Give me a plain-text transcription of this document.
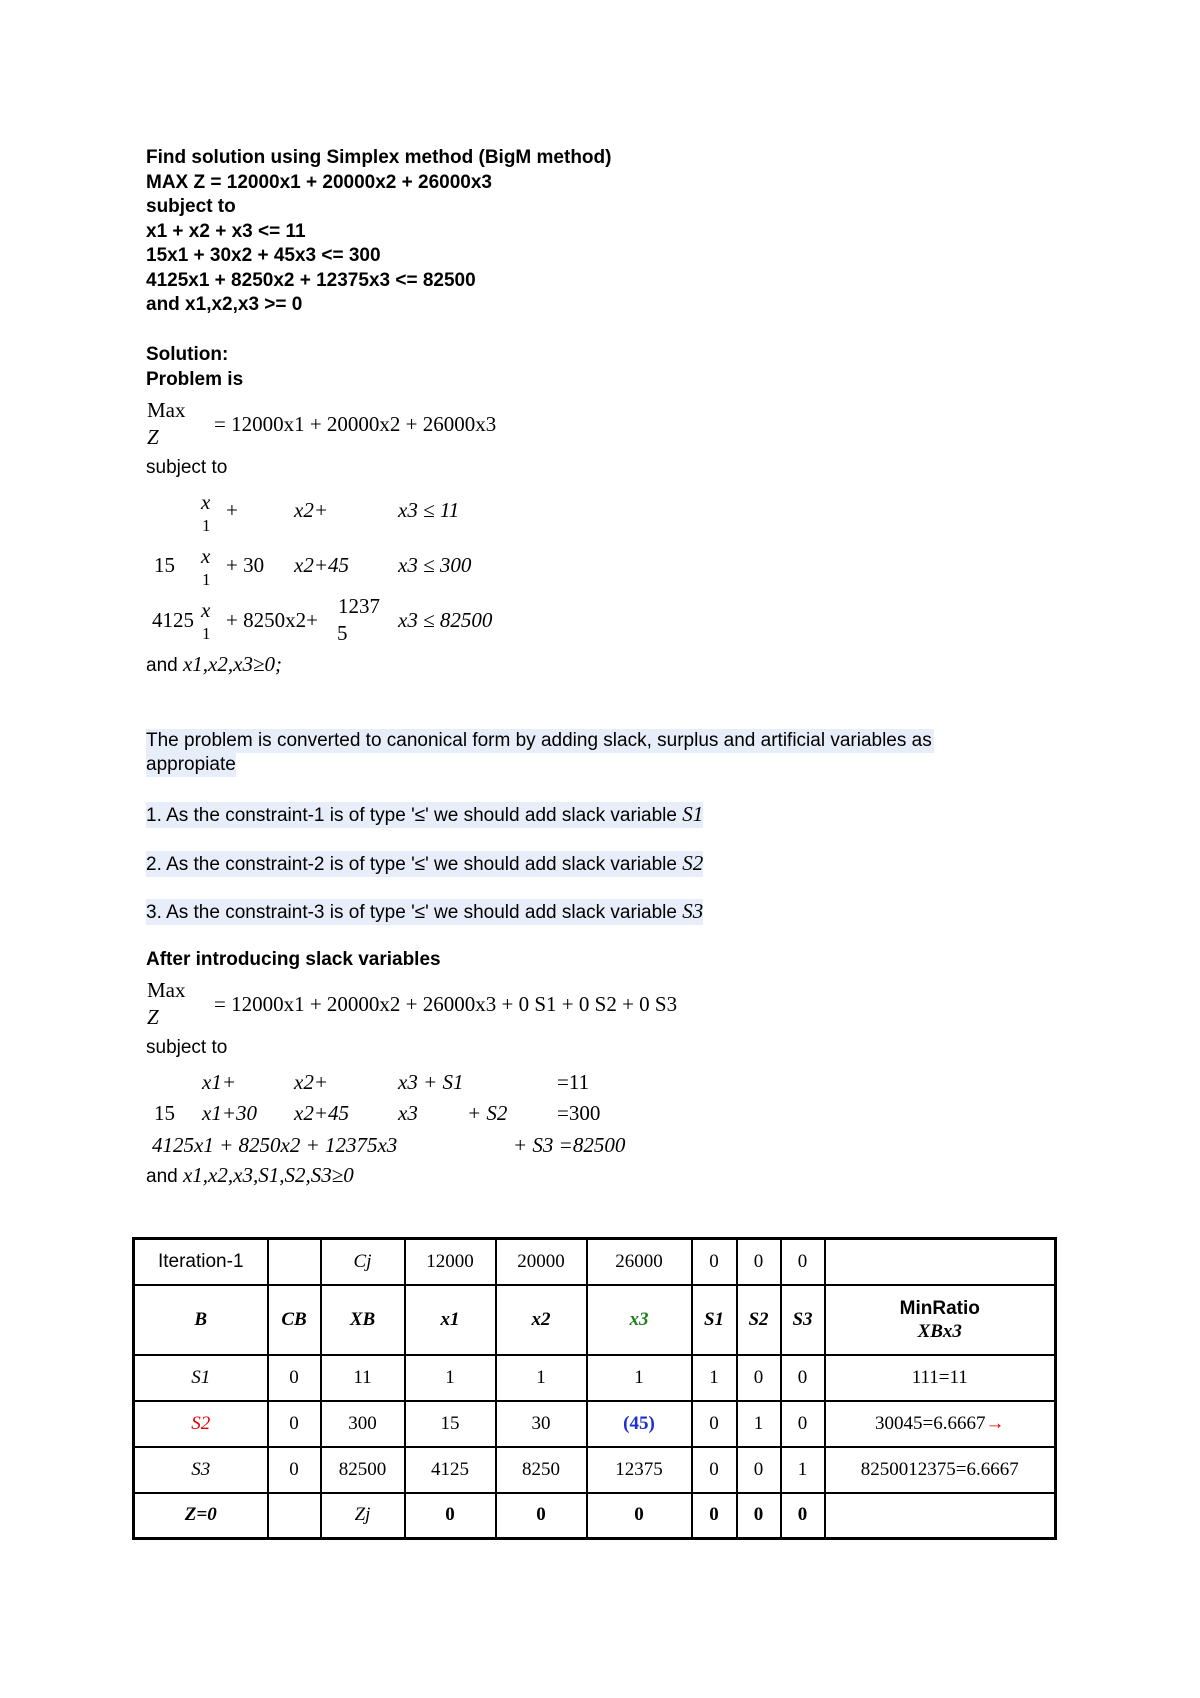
Find solution using Simplex method (BigM method)
MAX Z = 12000x1 + 20000x2 + 26000x3
subject to
x1 + x2 + x3 <= 11
15x1 + 30x2 + 45x3 <= 300
4125x1 + 8250x2 + 12375x3 <= 82500
and x1,x2,x3 >= 0
Solution:
Problem is
Max
Z
= 12000x1 + 20000x2 + 26000x3
subject to
x
1
+	x2+	x3 ≤ 11
15 x
1
+ 30 x2+45 x3 ≤ 300
4125 x
1
+ 8250x2+
1237
5
x3 ≤ 82500
and x1,x2,x3≥0;
The problem is converted to canonical form by adding slack, surplus and artificial variables as
appropiate
1. As the constraint-1 is of type '≤' we should add slack variable S1
2. As the constraint-2 is of type '≤' we should add slack variable S2
3. As the constraint-3 is of type '≤' we should add slack variable S3
After introducing slack variables
Max
Z
= 12000x1 + 20000x2 + 26000x3 + 0 S1 + 0 S2 + 0 S3
subject to
x1+	x2+	x3 + S1	=11
15 x1+30 x2+45 x3 + S2 =300
4125x1 + 8250x2 + 12375x3	+ S3 =82500
and x1,x2,x3,S1,S2,S3≥0
Iteration-1		Cj	12000	20000	26000	0	0	0	
B	CB	XB	x1	x2	x3	S1	S2	S3	MinRatio
XBx3

S1	0	11	1	1	1	1	0	0	111=11
S2	0	300	15	30	(45)	0	1	0	30045=6.6667→
S3	0	82500	4125	8250	12375	0	0	1	8250012375=6.6667
Z=0		Zj	0	0	0	0	0	0	
